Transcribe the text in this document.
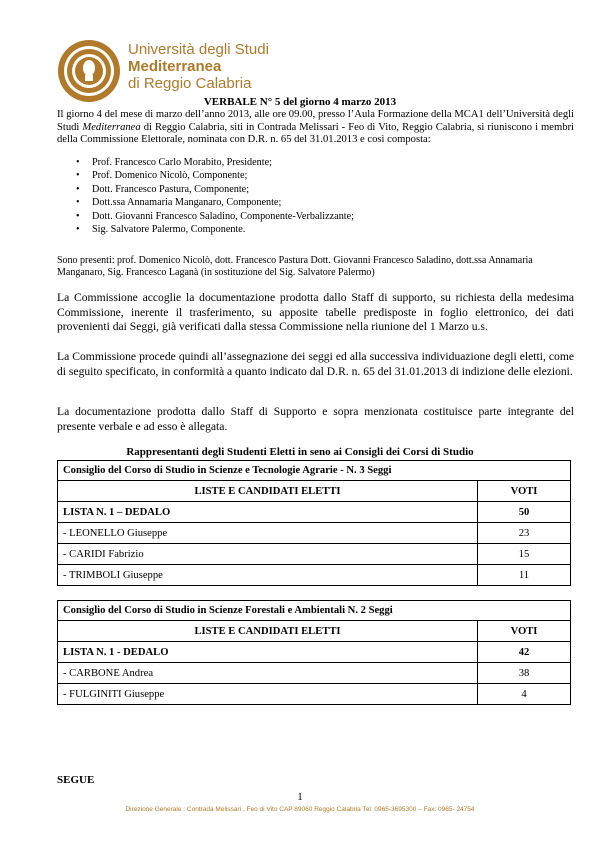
Università degli Studi
Mediterranea
di Reggio Calabria
VERBALE N° 5 del giorno 4 marzo 2013
Il giorno 4 del mese di marzo dell’anno 2013, alle ore 09.00, presso l’Aula Formazione della MCA1 dell’Università degli Studi Mediterranea di Reggio Calabria, siti in Contrada Melissari - Feo di Vito, Reggio Calabria, si riuniscono i membri della Commissione Elettorale, nominata con D.R. n. 65 del 31.01.2013 e così composta:
• Prof. Francesco Carlo Morabito, Presidente;
• Prof. Domenico Nicolò, Componente;
• Dott. Francesco Pastura, Componente;
• Dott.ssa Annamaria Manganaro, Componente;
• Dott. Giovanni Francesco Saladino, Componente-Verbalizzante;
• Sig. Salvatore Palermo, Componente.
Sono presenti: prof. Domenico Nicolò, dott. Francesco Pastura Dott. Giovanni Francesco Saladino, dott.ssa Annamaria Manganaro, Sig. Francesco Laganà (in sostituzione del Sig. Salvatore Palermo)
La Commissione accoglie la documentazione prodotta dallo Staff di supporto, su richiesta della medesima Commissione, inerente il trasferimento, su apposite tabelle predisposte in foglio elettronico, dei dati provenienti dai Seggi, già verificati dalla stessa Commissione nella riunione del 1 Marzo u.s.
La Commissione procede quindi all’assegnazione dei seggi ed alla successiva individuazione degli eletti, come di seguito specificato, in conformità a quanto indicato dal D.R. n. 65 del 31.01.2013 di indizione delle elezioni.
La documentazione prodotta dallo Staff di Supporto e sopra menzionata costituisce parte integrante del presente verbale e ad esso è allegata.
Rappresentanti degli Studenti Eletti in seno ai Consigli dei Corsi di Studio
Consiglio del Corso di Studio in Scienze e Tecnologie Agrarie - N. 3 Seggi	
LISTE E CANDIDATI ELETTI	VOTI
LISTA N. 1 – DEDALO	50
- LEONELLO Giuseppe	23
- CARIDI Fabrizio	15
- TRIMBOLI Giuseppe	11
Consiglio del Corso di Studio in Scienze Forestali e Ambientali N. 2 Seggi	
LISTE E CANDIDATI ELETTI	VOTI
LISTA N. 1 - DEDALO	42
- CARBONE Andrea	38
- FULGINITI Giuseppe	4
SEGUE
1
Direzione Generale : Contrada Melissari , Feo di Vito CAP 89060 Reggio Calabria Tel: 0965-3695300 – Fax: 0965- 24754
